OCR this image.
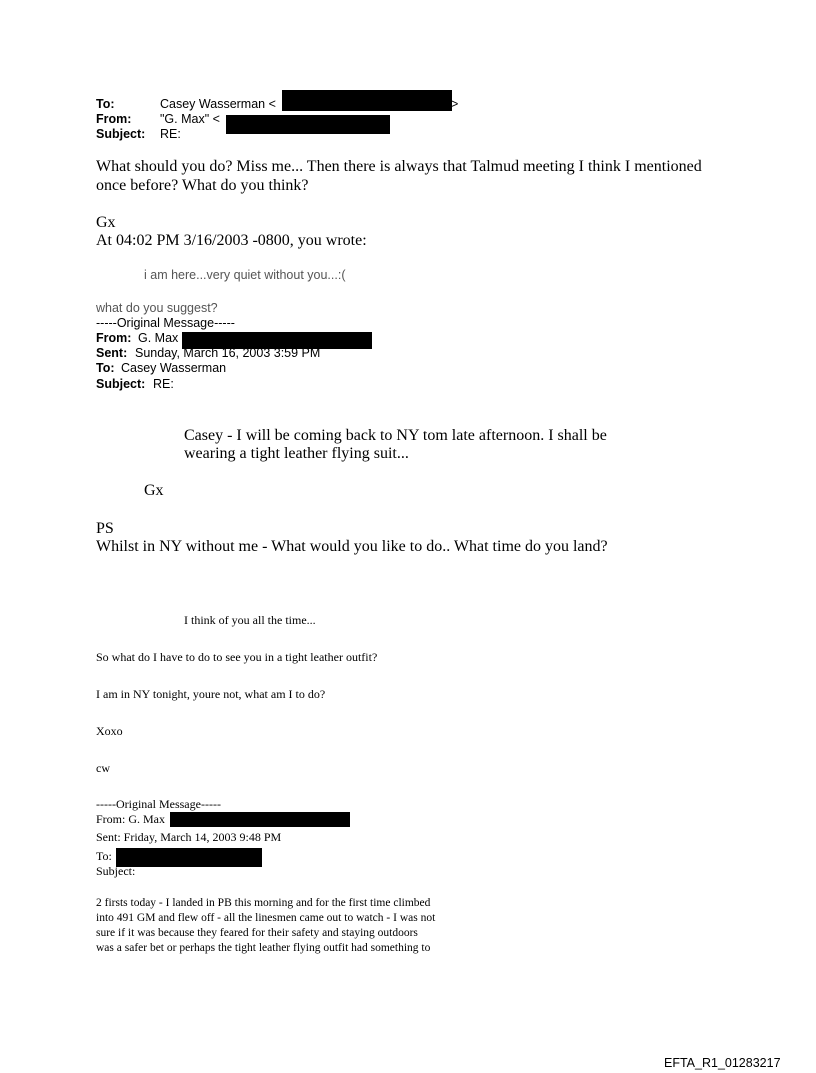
To:	Casey Wasserman <	>
From: "G. Max" <
Subject: RE:
What should you do? Miss me... Then there is always that Talmud meeting I think I mentioned
once before? What do you think?
Gx
At 04:02 PM 3/16/2003 -0800, you wrote:
i am here...very quiet without you...:(
what do you suggest?
-----Original Message-----
From: G. Max
Sent: Sunday, March 16, 2003 3:59 PM
To: Casey Wasserman
Subject: RE:
Casey - I will be coming back to NY tom late afternoon. I shall be
wearing a tight leather flying suit...
Gx
PS
Whilst in NY without me - What would you like to do.. What time do you land?
I think of you all the time...
So what do I have to do to see you in a tight leather outfit?
I am in NY tonight, youre not, what am I to do?
Xoxo
cw
-----Original Message-----
From: G. Max
Sent: Friday, March 14, 2003 9:48 PM
To:
Subject:
2 firsts today - I landed in PB this morning and for the first time climbed
into 491 GM and flew off - all the linesmen came out to watch - I was not
sure if it was because they feared for their safety and staying outdoors
was a safer bet or perhaps the tight leather flying outfit had something to
EFTA_R1_01283217
